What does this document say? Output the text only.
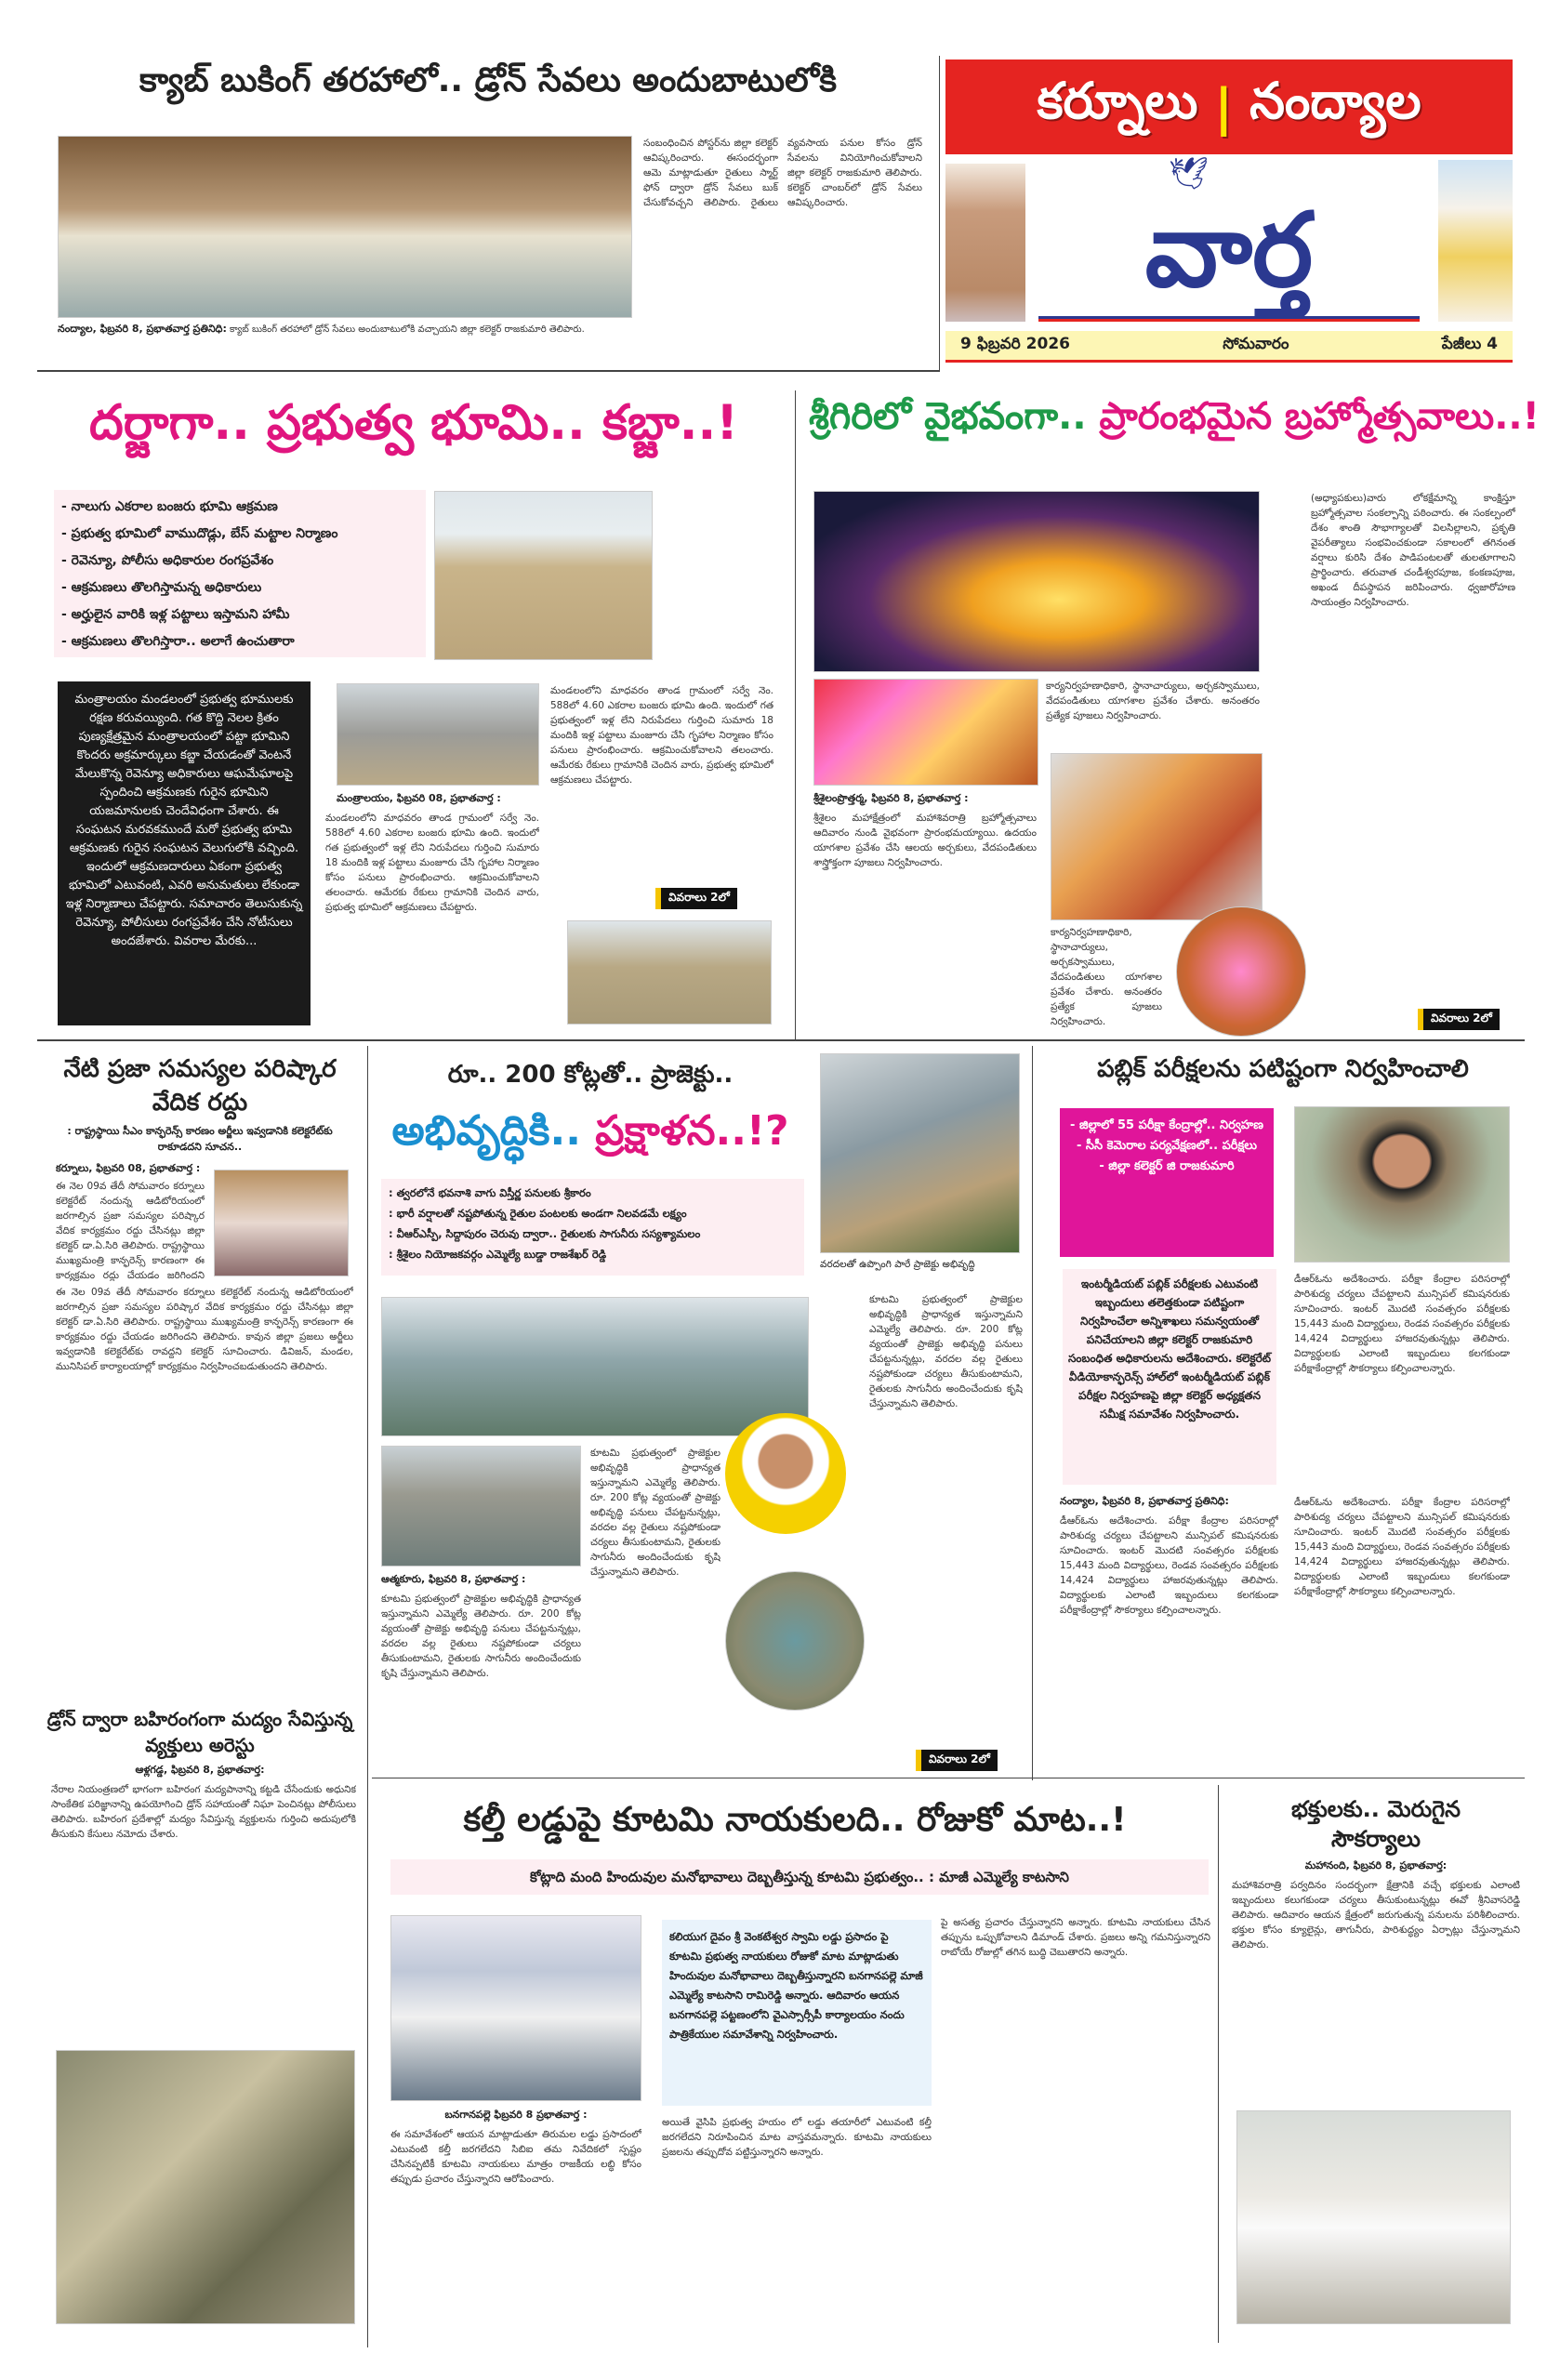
క్యాబ్ బుకింగ్ తరహాలో.. డ్రోన్ సేవలు అందుబాటులోకి
నంద్యాల, ఫిబ్రవరి 8, ప్రభాతవార్త ప్రతినిధి: క్యాబ్ బుకింగ్ తరహాలో డ్రోన్ సేవలు అందుబాటులోకి వచ్చాయని జిల్లా కలెక్టర్ రాజకుమారి తెలిపారు.
సంబంధించిన పోస్టర్‌ను జిల్లా కలెక్టర్ ఆవిష్కరించారు. ఈసందర్భంగా ఆమె మాట్లాడుతూ రైతులు స్మార్ట్ ఫోన్ ద్వారా డ్రోన్ సేవలు బుక్ చేసుకోవచ్చని తెలిపారు. రైతులు వ్యవసాయ పనుల కోసం డ్రోన్ సేవలను వినియోగించుకోవాలని జిల్లా కలెక్టర్ రాజకుమారి తెలిపారు. కలెక్టర్ చాంబర్‌లో డ్రోన్ సేవలు ఆవిష్కరించారు.
కర్నూలు | నంద్యాల
🕊
వార్త
9 ఫిబ్రవరి 2026	సోమవారం	పేజీలు 4
దర్జాగా.. ప్రభుత్వ భూమి.. కబ్జా..!
- నాలుగు ఎకరాల బంజరు భూమి ఆక్రమణ
- ప్రభుత్వ భూమిలో వాముదొడ్లు, బేస్ మట్టాల నిర్మాణం
- రెవెన్యూ, పోలీసు అధికారుల రంగప్రవేశం
- ఆక్రమణలు తొలగిస్తామన్న అధికారులు
- అర్హులైన వారికి ఇళ్ల పట్టాలు ఇస్తామని హామీ
- ఆక్రమణలు తొలగిస్తారా.. అలాగే ఉంచుతారా
మంత్రాలయం మండలంలో ప్రభుత్వ భూములకు రక్షణ కరువయ్యింది. గత కొద్ది నెలల క్రితం పుణ్యక్షేత్రమైన మంత్రాలయంలో పట్టా భూమిని కొందరు అక్రమార్కులు కబ్జా చేయడంతో వెంటనే మేలుకొన్న రెవెన్యూ అధికారులు ఆఘమేఘాలపై స్పందించి ఆక్రమణకు గురైన భూమిని యజమానులకు చెందేవిధంగా చేశారు. ఈ సంఘటన మరవకముందే మరో ప్రభుత్వ భూమి ఆక్రమణకు గురైన సంఘటన వెలుగులోకి వచ్చింది. ఇందులో ఆక్రమణదారులు ఏకంగా ప్రభుత్వ భూమిలో ఎటువంటి, ఎవరి అనుమతులు లేకుండా ఇళ్ల నిర్మాణాలు చేపట్టారు. సమాచారం తెలుసుకున్న రెవెన్యూ, పోలీసులు రంగప్రవేశం చేసి నోటీసులు అందజేశారు. వివరాల మేరకు...
మంత్రాలయం, ఫిబ్రవరి 08, ప్రభాతవార్త :
మండలంలోని మాధవరం తాండ గ్రామంలో సర్వే నెం. 588లో 4.60 ఎకరాల బంజరు భూమి ఉంది. ఇందులో గత ప్రభుత్వంలో ఇళ్ల లేని నిరుపేదలు గుర్తించి సుమారు 18 మందికి ఇళ్ల పట్టాలు మంజూరు చేసి గృహాల నిర్మాణం కోసం పనులు ప్రారంభించారు. ఆక్రమించుకోవాలని తలంచారు. ఆమేరకు రేకులు గ్రామానికి చెందిన వారు, ప్రభుత్వ భూమిలో ఆక్రమణలు చేపట్టారు.
మండలంలోని మాధవరం తాండ గ్రామంలో సర్వే నెం. 588లో 4.60 ఎకరాల బంజరు భూమి ఉంది. ఇందులో గత ప్రభుత్వంలో ఇళ్ల లేని నిరుపేదలు గుర్తించి సుమారు 18 మందికి ఇళ్ల పట్టాలు మంజూరు చేసి గృహాల నిర్మాణం కోసం పనులు ప్రారంభించారు. ఆక్రమించుకోవాలని తలంచారు. ఆమేరకు రేకులు గ్రామానికి చెందిన వారు, ప్రభుత్వ భూమిలో ఆక్రమణలు చేపట్టారు.
వివరాలు 2లో
శ్రీగిరిలో వైభవంగా.. ప్రారంభమైన బ్రహ్మోత్సవాలు..!
కార్యనిర్వహణాధికారి, స్థానాచార్యులు, అర్చకస్వాములు, వేదపండితులు యాగశాల ప్రవేశం చేశారు. అనంతరం ప్రత్యేక పూజలు నిర్వహించారు.
శ్రీశైలంప్రొత్తర్మ, ఫిబ్రవరి 8, ప్రభాతవార్త :
శ్రీశైలం మహాక్షేత్రంలో మహాశివరాత్రి బ్రహ్మోత్సవాలు ఆదివారం నుండి వైభవంగా ప్రారంభమయ్యాయి. ఉదయం యాగశాల ప్రవేశం చేసి ఆలయ అర్చకులు, వేదపండితులు శాస్త్రోక్తంగా పూజలు నిర్వహించారు.
కార్యనిర్వహణాధికారి, స్థానాచార్యులు, అర్చకస్వాములు, వేదపండితులు యాగశాల ప్రవేశం చేశారు. అనంతరం ప్రత్యేక పూజలు నిర్వహించారు.
(అధ్యాపకులు)వారు లోకక్షేమాన్ని కాంక్షిస్తూ బ్రహ్మోత్సవాల సంకల్పాన్ని పఠించారు. ఈ సంకల్పంలో దేశం శాంతి సౌభాగ్యాలతో విలసిల్లాలని, ప్రకృతి వైపరీత్యాలు సంభవించకుండా సకాలంలో తగినంత వర్షాలు కురిసి దేశం పాడిపంటలతో తులతూగాలని ప్రార్థించారు. తరువాత చండీశ్వరపూజ, కంకణపూజ, అఖండ దీపస్థాపన జరిపించారు. ధ్వజారోహణ సాయంత్రం నిర్వహించారు.
వివరాలు 2లో
నేటి ప్రజా సమస్యల పరిష్కార వేదిక రద్దు
: రాష్ట్రస్థాయి సీఎం కాన్ఫరెన్స్ కారణం అర్జీలు ఇవ్వడానికి కలెక్టరేట్‌కు రాకూడదని సూచన..
కర్నూలు, ఫిబ్రవరి 08, ప్రభాతవార్త :
ఈ నెల 09వ తేదీ సోమవారం కర్నూలు కలెక్టరేట్ నందున్న ఆడిటోరియంలో జరగాల్సిన ప్రజా సమస్యల పరిష్కార వేదిక కార్యక్రమం రద్దు చేసినట్లు జిల్లా కలెక్టర్ డా.ఏ.సిరి తెలిపారు. రాష్ట్రస్థాయి ముఖ్యమంత్రి కాన్ఫరెన్స్ కారణంగా ఈ కార్యక్రమం రద్దు చేయడం జరిగిందని
ఈ నెల 09వ తేదీ సోమవారం కర్నూలు కలెక్టరేట్ నందున్న ఆడిటోరియంలో జరగాల్సిన ప్రజా సమస్యల పరిష్కార వేదిక కార్యక్రమం రద్దు చేసినట్లు జిల్లా కలెక్టర్ డా.ఏ.సిరి తెలిపారు. రాష్ట్రస్థాయి ముఖ్యమంత్రి కాన్ఫరెన్స్ కారణంగా ఈ కార్యక్రమం రద్దు చేయడం జరిగిందని తెలిపారు. కావున జిల్లా ప్రజలు అర్జీలు ఇవ్వడానికి కలెక్టరేట్‌కు రావద్దని కలెక్టర్ సూచించారు. డివిజన్, మండల, మునిసిపల్ కార్యాలయాల్లో కార్యక్రమం నిర్వహించబడుతుందని తెలిపారు.
డ్రోన్ ద్వారా బహిరంగంగా మద్యం సేవిస్తున్న వ్యక్తులు అరెస్టు
ఆళ్లగడ్డ, ఫిబ్రవరి 8, ప్రభాతవార్త:
నేరాల నియంత్రణలో భాగంగా బహిరంగ మద్యపానాన్ని కట్టడి చేసేందుకు అధునిక సాంకేతిక పరిజ్ఞానాన్ని ఉపయోగించి డ్రోన్ సహాయంతో నిఘా పెంచినట్లు పోలీసులు తెలిపారు. బహిరంగ ప్రదేశాల్లో మద్యం సేవిస్తున్న వ్యక్తులను గుర్తించి అదుపులోకి తీసుకుని కేసులు నమోదు చేశారు.
రూ.. 200 కోట్లతో.. ప్రాజెక్టు..
అభివృద్ధికి.. ప్రక్షాళన..!?
: త్వరలోనే భవనాశి వాగు విస్తీర్ణ పనులకు శ్రీకారం
: భారీ వర్షాలతో నష్టపోతున్న రైతుల పంటలకు అండగా నిలవడమే లక్ష్యం
: వీఆర్ఎస్పీ, సిద్దాపురం చెరువు ద్వారా.. రైతులకు సాగునీరు సస్యశ్యామలం
: శ్రీశైలం నియోజకవర్గం ఎమ్మెల్యే బుడ్డా రాజశేఖర్ రెడ్డి
వరదలతో ఉప్పొంగి పారే ప్రాజెక్టు అభివృద్ధి
ఆత్మకూరు, ఫిబ్రవరి 8, ప్రభాతవార్త :
కూటమి ప్రభుత్వంలో ప్రాజెక్టుల అభివృద్ధికి ప్రాధాన్యత ఇస్తున్నామని ఎమ్మెల్యే తెలిపారు. రూ. 200 కోట్ల వ్యయంతో ప్రాజెక్టు అభివృద్ధి పనులు చేపట్టనున్నట్లు, వరదల వల్ల రైతులు నష్టపోకుండా చర్యలు తీసుకుంటామని, రైతులకు సాగునీరు అందించేందుకు కృషి చేస్తున్నామని తెలిపారు.
కూటమి ప్రభుత్వంలో ప్రాజెక్టుల అభివృద్ధికి ప్రాధాన్యత ఇస్తున్నామని ఎమ్మెల్యే తెలిపారు. రూ. 200 కోట్ల వ్యయంతో ప్రాజెక్టు అభివృద్ధి పనులు చేపట్టనున్నట్లు, వరదల వల్ల రైతులు నష్టపోకుండా చర్యలు తీసుకుంటామని, రైతులకు సాగునీరు అందించేందుకు కృషి చేస్తున్నామని తెలిపారు.
కూటమి ప్రభుత్వంలో ప్రాజెక్టుల అభివృద్ధికి ప్రాధాన్యత ఇస్తున్నామని ఎమ్మెల్యే తెలిపారు. రూ. 200 కోట్ల వ్యయంతో ప్రాజెక్టు అభివృద్ధి పనులు చేపట్టనున్నట్లు, వరదల వల్ల రైతులు నష్టపోకుండా చర్యలు తీసుకుంటామని, రైతులకు సాగునీరు అందించేందుకు కృషి చేస్తున్నామని తెలిపారు.
వివరాలు 2లో
పబ్లిక్ పరీక్షలను పటిష్టంగా నిర్వహించాలి
- జిల్లాలో 55 పరీక్షా కేంద్రాల్లో.. నిర్వహణ
- సీసీ కెమెరాల పర్యవేక్షణలో.. పరీక్షలు
- జిల్లా కలెక్టర్ జి రాజకుమారి
ఇంటర్మీడియట్ పబ్లిక్ పరీక్షలకు ఎటువంటి ఇబ్బందులు తలెత్తకుండా పటిష్టంగా నిర్వహించేలా అన్నిశాఖలు సమన్వయంతో పనిచేయాలని జిల్లా కలెక్టర్ రాజకుమారి సంబంధిత అధికారులను అదేశించారు. కలెక్టరేట్ వీడియోకాన్ఫరెన్స్ హాల్‌లో ఇంటర్మీడియట్ పబ్లిక్ పరీక్షల నిర్వహణపై జిల్లా కలెక్టర్ అధ్యక్షతన సమీక్ష సమావేశం నిర్వహించారు.
డీఆర్‌ఓను అదేశించారు. పరీక్షా కేంద్రాల పరిసరాల్లో పారిశుద్య చర్యలు చేపట్టాలని మున్సిపల్ కమిషనరుకు సూచించారు. ఇంటర్ మొదటి సంవత్సరం పరీక్షలకు 15,443 మంది విద్యార్థులు, రెండవ సంవత్సరం పరీక్షలకు 14,424 విద్యార్థులు హాజరవుతున్నట్లు తెలిపారు. విద్యార్థులకు ఎలాంటి ఇబ్బందులు కలగకుండా పరీక్షాకేంద్రాల్లో సౌకర్యాలు కల్పించాలన్నారు.
నంద్యాల, ఫిబ్రవరి 8, ప్రభాతవార్త ప్రతినిధి:
డీఆర్‌ఓను అదేశించారు. పరీక్షా కేంద్రాల పరిసరాల్లో పారిశుద్య చర్యలు చేపట్టాలని మున్సిపల్ కమిషనరుకు సూచించారు. ఇంటర్ మొదటి సంవత్సరం పరీక్షలకు 15,443 మంది విద్యార్థులు, రెండవ సంవత్సరం పరీక్షలకు 14,424 విద్యార్థులు హాజరవుతున్నట్లు తెలిపారు. విద్యార్థులకు ఎలాంటి ఇబ్బందులు కలగకుండా పరీక్షాకేంద్రాల్లో సౌకర్యాలు కల్పించాలన్నారు.
డీఆర్‌ఓను అదేశించారు. పరీక్షా కేంద్రాల పరిసరాల్లో పారిశుద్య చర్యలు చేపట్టాలని మున్సిపల్ కమిషనరుకు సూచించారు. ఇంటర్ మొదటి సంవత్సరం పరీక్షలకు 15,443 మంది విద్యార్థులు, రెండవ సంవత్సరం పరీక్షలకు 14,424 విద్యార్థులు హాజరవుతున్నట్లు తెలిపారు. విద్యార్థులకు ఎలాంటి ఇబ్బందులు కలగకుండా పరీక్షాకేంద్రాల్లో సౌకర్యాలు కల్పించాలన్నారు.
కల్తీ లడ్డుపై కూటమి నాయకులది.. రోజుకో మాట..!
కోట్లాది మంది హిందువుల మనోభావాలు దెబ్బతీస్తున్న కూటమి ప్రభుత్వం.. : మాజీ ఎమ్మెల్యే కాటసాని
బనగానపల్లె ఫిబ్రవరి 8 ప్రభాతవార్త :
ఈ సమావేశంలో ఆయన మాట్లాడుతూ తిరుమల లడ్డు ప్రసాదంలో ఎటువంటి కల్తీ జరగలేదని సిబిఐ తమ నివేదికలో స్పష్టం చేసినప్పటికీ కూటమి నాయకులు మాత్రం రాజకీయ లబ్ధి కోసం తప్పుడు ప్రచారం చేస్తున్నారని ఆరోపించారు.
కలియుగ దైవం శ్రీ వెంకటేశ్వర స్వామి లడ్డు ప్రసాదం పై కూటమి ప్రభుత్వ నాయకులు రోజుకో మాట మాట్లాడుతు హిందువుల మనోభావాలు దెబ్బతీస్తున్నారని బనగానపల్లె మాజీ ఎమ్మెల్యే కాటసాని రామిరెడ్డి అన్నారు. ఆదివారం ఆయన బనగానపల్లె పట్టణంలోని వైఎస్సార్సీపీ కార్యాలయం నందు పాత్రికేయుల సమావేశాన్ని నిర్వహించారు.
అయితే వైసిపి ప్రభుత్వ హయం లో లడ్డు తయారీలో ఎటువంటి కల్తీ జరగలేదని నిరూపించిన మాట వాస్తవమన్నారు. కూటమి నాయకులు ప్రజలను తప్పుదోవ పట్టిస్తున్నారని అన్నారు.
పై అసత్య ప్రచారం చేస్తున్నారని అన్నారు. కూటమి నాయకులు చేసిన తప్పును ఒప్పుకోవాలని డిమాండ్ చేశారు. ప్రజలు అన్ని గమనిస్తున్నారని రాబోయే రోజుల్లో తగిన బుద్ధి చెబుతారని అన్నారు.
భక్తులకు.. మెరుగైన సౌకర్యాలు
మహానంది, ఫిబ్రవరి 8, ప్రభాతవార్త:
మహాశివరాత్రి పర్వదినం సందర్భంగా క్షేత్రానికి వచ్చే భక్తులకు ఎలాంటి ఇబ్బందులు కలుగకుండా చర్యలు తీసుకుంటున్నట్లు ఈవో శ్రీనివాసరెడ్డి తెలిపారు. ఆదివారం ఆయన క్షేత్రంలో జరుగుతున్న పనులను పరిశీలించారు. భక్తుల కోసం క్యూలైన్లు, తాగునీరు, పారిశుద్ధ్యం ఏర్పాట్లు చేస్తున్నామని తెలిపారు.
